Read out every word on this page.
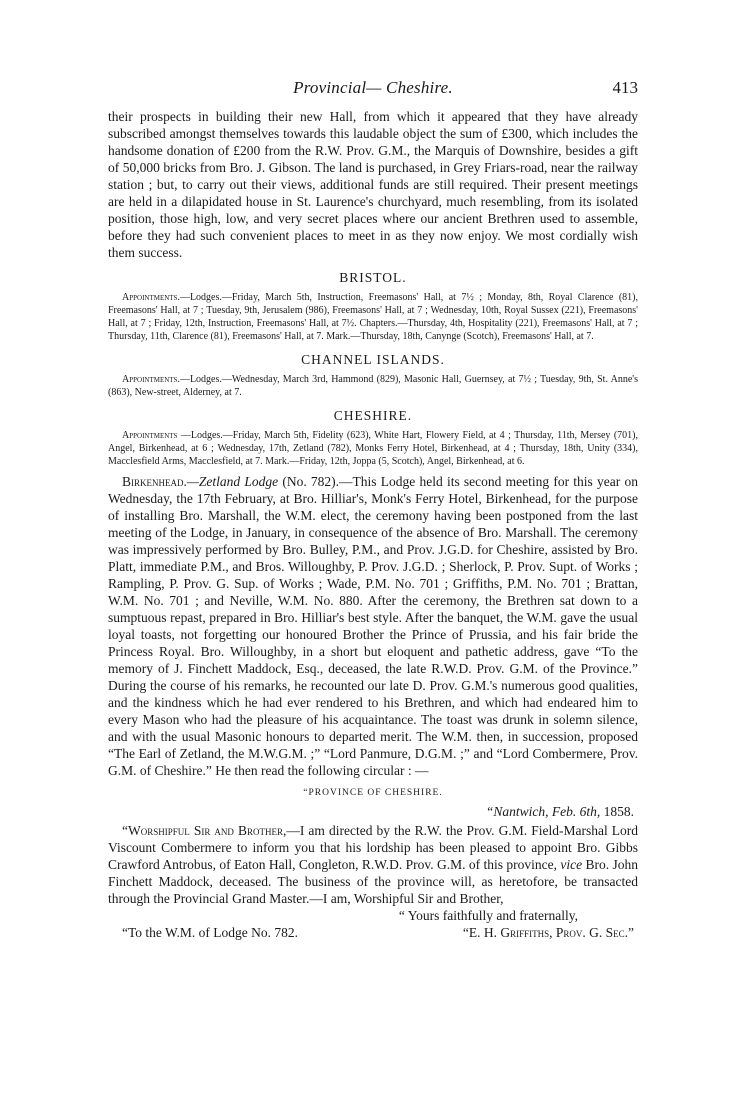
Provincial— Cheshire.	413

their prospects in building their new Hall, from which it appeared that they have already subscribed amongst themselves towards this laudable object the sum of £300, which includes the handsome donation of £200 from the R.W. Prov. G.M., the Marquis of Downshire, besides a gift of 50,000 bricks from Bro. J. Gibson. The land is purchased, in Grey Friars-road, near the railway station ; but, to carry out their views, additional funds are still required. Their present meetings are held in a dilapidated house in St. Laurence's churchyard, much resembling, from its isolated position, those high, low, and very secret places where our ancient Brethren used to assemble, before they had such convenient places to meet in as they now enjoy. We most cordially wish them success.

BRISTOL.

Appointments.—Lodges.—Friday, March 5th, Instruction, Freemasons' Hall, at 7½ ; Monday, 8th, Royal Clarence (81), Freemasons' Hall, at 7 ; Tuesday, 9th, Jerusalem (986), Freemasons' Hall, at 7 ; Wednesday, 10th, Royal Sussex (221), Freemasons' Hall, at 7 ; Friday, 12th, Instruction, Freemasons' Hall, at 7½. Chapters.—Thursday, 4th, Hospitality (221), Freemasons' Hall, at 7 ; Thursday, 11th, Clarence (81), Freemasons' Hall, at 7. Mark.—Thursday, 18th, Canynge (Scotch), Freemasons' Hall, at 7.

CHANNEL ISLANDS.

Appointments.—Lodges.—Wednesday, March 3rd, Hammond (829), Masonic Hall, Guernsey, at 7½ ; Tuesday, 9th, St. Anne's (863), New-street, Alderney, at 7.

CHESHIRE.

Appointments —Lodges.—Friday, March 5th, Fidelity (623), White Hart, Flowery Field, at 4 ; Thursday, 11th, Mersey (701), Angel, Birkenhead, at 6 ; Wednesday, 17th, Zetland (782), Monks Ferry Hotel, Birkenhead, at 4 ; Thursday, 18th, Unity (334), Macclesfield Arms, Macclesfield, at 7. Mark.—Friday, 12th, Joppa (5, Scotch), Angel, Birkenhead, at 6.

Birkenhead.—Zetland Lodge (No. 782).—This Lodge held its second meeting for this year on Wednesday, the 17th February, at Bro. Hilliar's, Monk's Ferry Hotel, Birkenhead, for the purpose of installing Bro. Marshall, the W.M. elect, the ceremony having been postponed from the last meeting of the Lodge, in January, in consequence of the absence of Bro. Marshall. The ceremony was impressively performed by Bro. Bulley, P.M., and Prov. J.G.D. for Cheshire, assisted by Bro. Platt, immediate P.M., and Bros. Willoughby, P. Prov. J.G.D. ; Sherlock, P. Prov. Supt. of Works ; Rampling, P. Prov. G. Sup. of Works ; Wade, P.M. No. 701 ; Griffiths, P.M. No. 701 ; Brattan, W.M. No. 701 ; and Neville, W.M. No. 880. After the ceremony, the Brethren sat down to a sumptuous repast, prepared in Bro. Hilliar's best style. After the banquet, the W.M. gave the usual loyal toasts, not forgetting our honoured Brother the Prince of Prussia, and his fair bride the Princess Royal. Bro. Willoughby, in a short but eloquent and pathetic address, gave “To the memory of J. Finchett Maddock, Esq., deceased, the late R.W.D. Prov. G.M. of the Province.” During the course of his remarks, he recounted our late D. Prov. G.M.'s numerous good qualities, and the kindness which he had ever rendered to his Brethren, and which had endeared him to every Mason who had the pleasure of his acquaintance. The toast was drunk in solemn silence, and with the usual Masonic honours to departed merit. The W.M. then, in succession, proposed “The Earl of Zetland, the M.W.G.M. ;” “Lord Panmure, D.G.M. ;” and “Lord Combermere, Prov. G.M. of Cheshire.” He then read the following circular : —

“PROVINCE OF CHESHIRE.
“Nantwich, Feb. 6th, 1858.

“Worshipful Sir and Brother,—I am directed by the R.W. the Prov. G.M. Field-Marshal Lord Viscount Combermere to inform you that his lordship has been pleased to appoint Bro. Gibbs Crawford Antrobus, of Eaton Hall, Congleton, R.W.D. Prov. G.M. of this province, vice Bro. John Finchett Maddock, deceased. The business of the province will, as heretofore, be transacted through the Provincial Grand Master.—I am, Worshipful Sir and Brother,

“ Yours faithfully and fraternally,
“To the W.M. of Lodge No. 782.	“E. H. Griffiths, Prov. G. Sec.”
